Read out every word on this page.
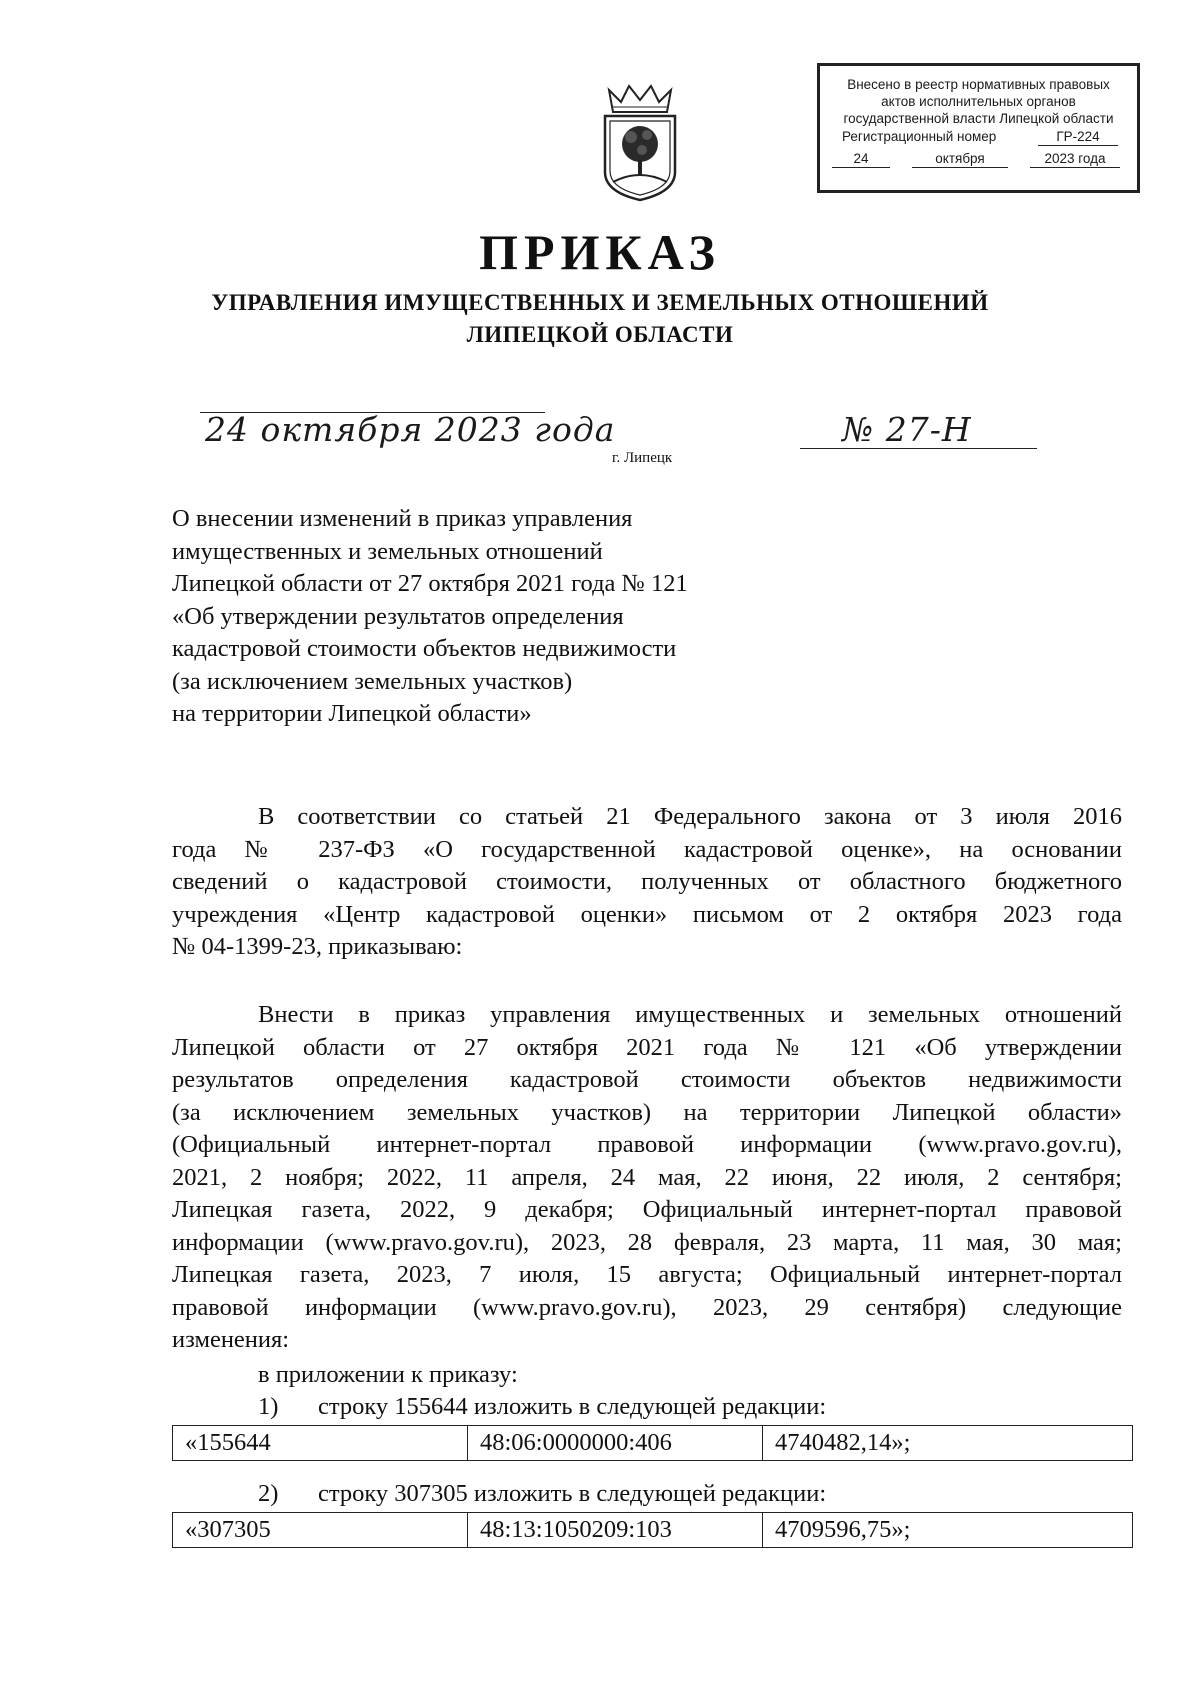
Внесено в реестр нормативных правовых
актов исполнительных органов
государственной власти Липецкой области
Регистрационный номер	ГР-224
24	октября	2023 года
ПРИКАЗ
УПРАВЛЕНИЯ ИМУЩЕСТВЕННЫХ И ЗЕМЕЛЬНЫХ ОТНОШЕНИЙ
ЛИПЕЦКОЙ ОБЛАСТИ
24 октября 2023 года	№ 27-Н
г. Липецк
О внесении изменений в приказ управления
имущественных и земельных отношений
Липецкой области от 27 октября 2021 года № 121
«Об утверждении результатов определения
кадастровой стоимости объектов недвижимости
(за исключением земельных участков)
на территории Липецкой области»
В соответствии со статьей 21 Федерального закона от 3 июля 2016
года № 237-ФЗ «О государственной кадастровой оценке», на основании
сведений о кадастровой стоимости, полученных от областного бюджетного
учреждения «Центр кадастровой оценки» письмом от 2 октября 2023 года
№ 04-1399-23, приказываю:
Внести в приказ управления имущественных и земельных отношений
Липецкой области от 27 октября 2021 года № 121 «Об утверждении
результатов определения кадастровой стоимости объектов недвижимости
(за исключением земельных участков) на территории Липецкой области»
(Официальный интернет-портал правовой информации (www.pravo.gov.ru),
2021, 2 ноября; 2022, 11 апреля, 24 мая, 22 июня, 22 июля, 2 сентября;
Липецкая газета, 2022, 9 декабря; Официальный интернет-портал правовой
информации (www.pravo.gov.ru), 2023, 28 февраля, 23 марта, 11 мая, 30 мая;
Липецкая газета, 2023, 7 июля, 15 августа; Официальный интернет-портал
правовой информации (www.pravo.gov.ru), 2023, 29 сентября) следующие
изменения:
в приложении к приказу:
1) строку 155644 изложить в следующей редакции:
«155644	48:06:0000000:406	4740482,14»;
2) строку 307305 изложить в следующей редакции:
«307305	48:13:1050209:103	4709596,75»;
